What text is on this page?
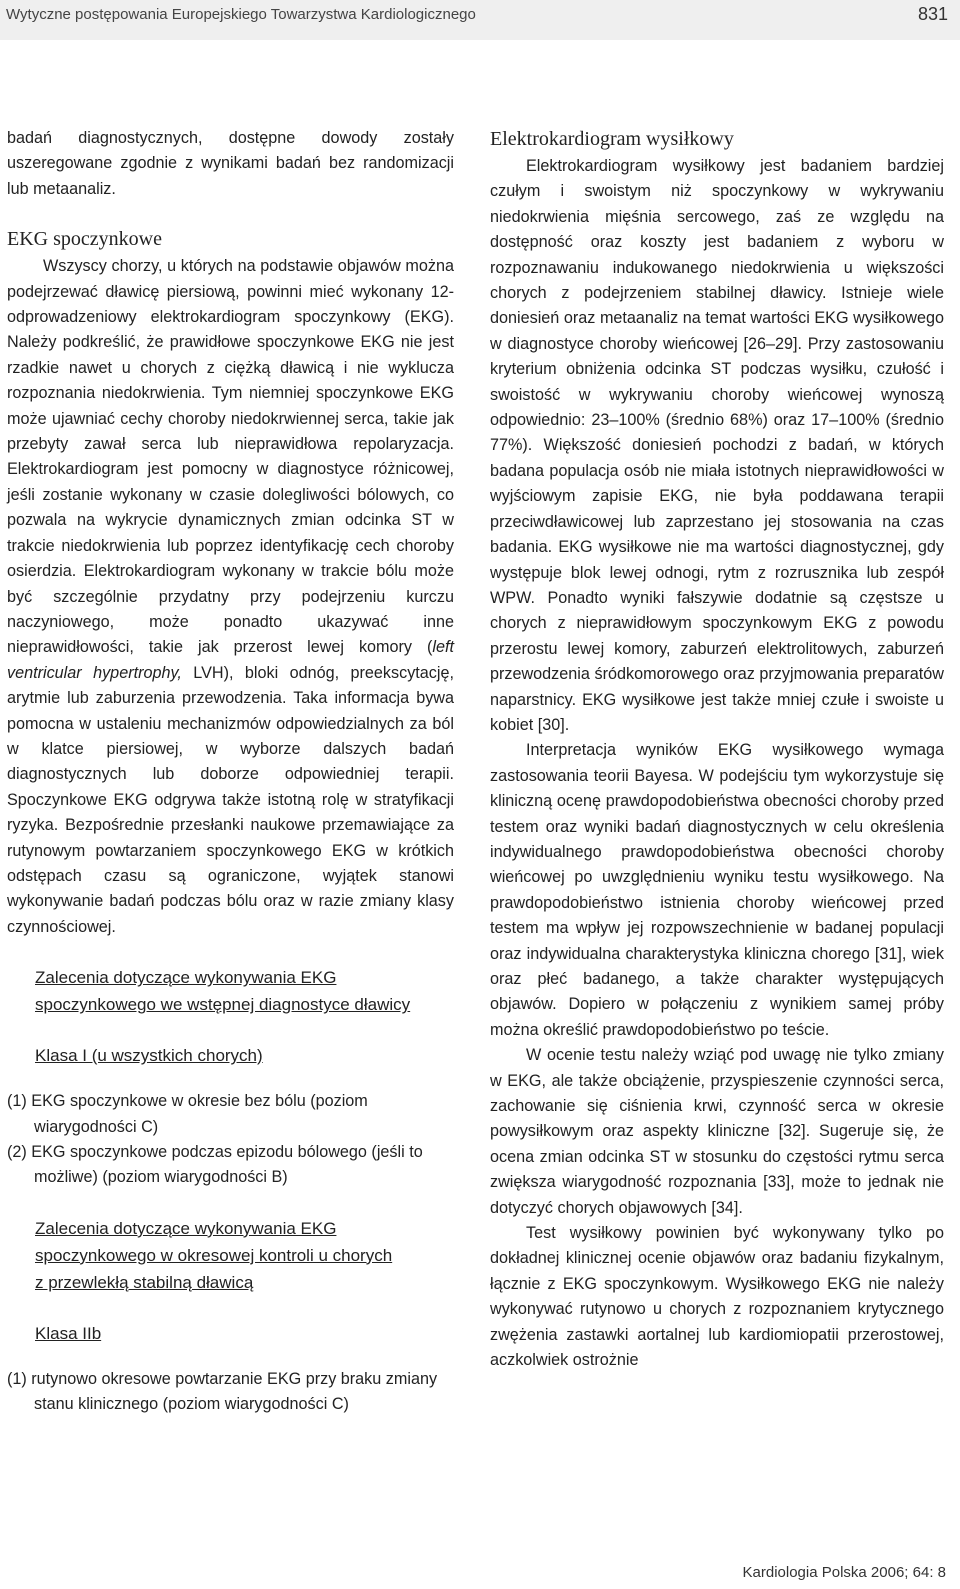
Wytyczne postępowania Europejskiego Towarzystwa Kardiologicznego	831

badań diagnostycznych, dostępne dowody zostały uszeregowane zgodnie z wynikami badań bez randomizacji lub metaanaliz.

EKG spoczynkowe

Wszyscy chorzy, u których na podstawie objawów można podejrzewać dławicę piersiową, powinni mieć wykonany 12-odprowadzeniowy elektrokardiogram spoczynkowy (EKG). Należy podkreślić, że prawidłowe spoczynkowe EKG nie jest rzadkie nawet u chorych z ciężką dławicą i nie wyklucza rozpoznania niedokrwienia. Tym niemniej spoczynkowe EKG może ujawniać cechy choroby niedokrwiennej serca, takie jak przebyty zawał serca lub nieprawidłowa repolaryzacja. Elektrokardiogram jest pomocny w diagnostyce różnicowej, jeśli zostanie wykonany w czasie dolegliwości bólowych, co pozwala na wykrycie dynamicznych zmian odcinka ST w trakcie niedokrwienia lub poprzez identyfikację cech choroby osierdzia. Elektrokardiogram wykonany w trakcie bólu może być szczególnie przydatny przy podejrzeniu kurczu naczyniowego, może ponadto ukazywać inne nieprawidłowości, takie jak przerost lewej komory (left ventricular hypertrophy, LVH), bloki odnóg, preekscytację, arytmie lub zaburzenia przewodzenia. Taka informacja bywa pomocna w ustaleniu mechanizmów odpowiedzialnych za ból w klatce piersiowej, w wyborze dalszych badań diagnostycznych lub doborze odpowiedniej terapii. Spoczynkowe EKG odgrywa także istotną rolę w stratyfikacji ryzyka. Bezpośrednie przesłanki naukowe przemawiające za rutynowym powtarzaniem spoczynkowego EKG w krótkich odstępach czasu są ograniczone, wyjątek stanowi wykonywanie badań podczas bólu oraz w razie zmiany klasy czynnościowej.

Zalecenia dotyczące wykonywania EKG
spoczynkowego we wstępnej diagnostyce dławicy
Klasa I (u wszystkich chorych)
(1) EKG spoczynkowe w okresie bez bólu (poziom wiarygodności C)
(2) EKG spoczynkowe podczas epizodu bólowego (jeśli to możliwe) (poziom wiarygodności B)
Zalecenia dotyczące wykonywania EKG
spoczynkowego w okresowej kontroli u chorych
z przewlekłą stabilną dławicą
Klasa IIb
(1) rutynowo okresowe powtarzanie EKG przy braku zmiany stanu klinicznego (poziom wiarygodności C)
Elektrokardiogram wysiłkowy

Elektrokardiogram wysiłkowy jest badaniem bardziej czułym i swoistym niż spoczynkowy w wykrywaniu niedokrwienia mięśnia sercowego, zaś ze względu na dostępność oraz koszty jest badaniem z wyboru w rozpoznawaniu indukowanego niedokrwienia u większości chorych z podejrzeniem stabilnej dławicy. Istnieje wiele doniesień oraz metaanaliz na temat wartości EKG wysiłkowego w diagnostyce choroby wieńcowej [26–29]. Przy zastosowaniu kryterium obniżenia odcinka ST podczas wysiłku, czułość i swoistość w wykrywaniu choroby wieńcowej wynoszą odpowiednio: 23–100% (średnio 68%) oraz 17–100% (średnio 77%). Większość doniesień pochodzi z badań, w których badana populacja osób nie miała istotnych nieprawidłowości w wyjściowym zapisie EKG, nie była poddawana terapii przeciwdławicowej lub zaprzestano jej stosowania na czas badania. EKG wysiłkowe nie ma wartości diagnostycznej, gdy występuje blok lewej odnogi, rytm z rozrusznika lub zespół WPW. Ponadto wyniki fałszywie dodatnie są częstsze u chorych z nieprawidłowym spoczynkowym EKG z powodu przerostu lewej komory, zaburzeń elektrolitowych, zaburzeń przewodzenia śródkomorowego oraz przyjmowania preparatów naparstnicy. EKG wysiłkowe jest także mniej czułe i swoiste u kobiet [30].

Interpretacja wyników EKG wysiłkowego wymaga zastosowania teorii Bayesa. W podejściu tym wykorzystuje się kliniczną ocenę prawdopodobieństwa obecności choroby przed testem oraz wyniki badań diagnostycznych w celu określenia indywidualnego prawdopodobieństwa obecności choroby wieńcowej po uwzględnieniu wyniku testu wysiłkowego. Na prawdopodobieństwo istnienia choroby wieńcowej przed testem ma wpływ jej rozpowszechnienie w badanej populacji oraz indywidualna charakterystyka kliniczna chorego [31], wiek oraz płeć badanego, a także charakter występujących objawów. Dopiero w połączeniu z wynikiem samej próby można określić prawdopodobieństwo po teście.

W ocenie testu należy wziąć pod uwagę nie tylko zmiany w EKG, ale także obciążenie, przyspieszenie czynności serca, zachowanie się ciśnienia krwi, czynność serca w okresie powysiłkowym oraz aspekty kliniczne [32]. Sugeruje się, że ocena zmian odcinka ST w stosunku do częstości rytmu serca zwiększa wiarygodność rozpoznania [33], może to jednak nie dotyczyć chorych objawowych [34].

Test wysiłkowy powinien być wykonywany tylko po dokładnej klinicznej ocenie objawów oraz badaniu fizykalnym, łącznie z EKG spoczynkowym. Wysiłkowego EKG nie należy wykonywać rutynowo u chorych z rozpoznaniem krytycznego zwężenia zastawki aortalnej lub kardiomiopatii przerostowej, aczkolwiek ostrożnie

Kardiologia Polska 2006; 64: 8
